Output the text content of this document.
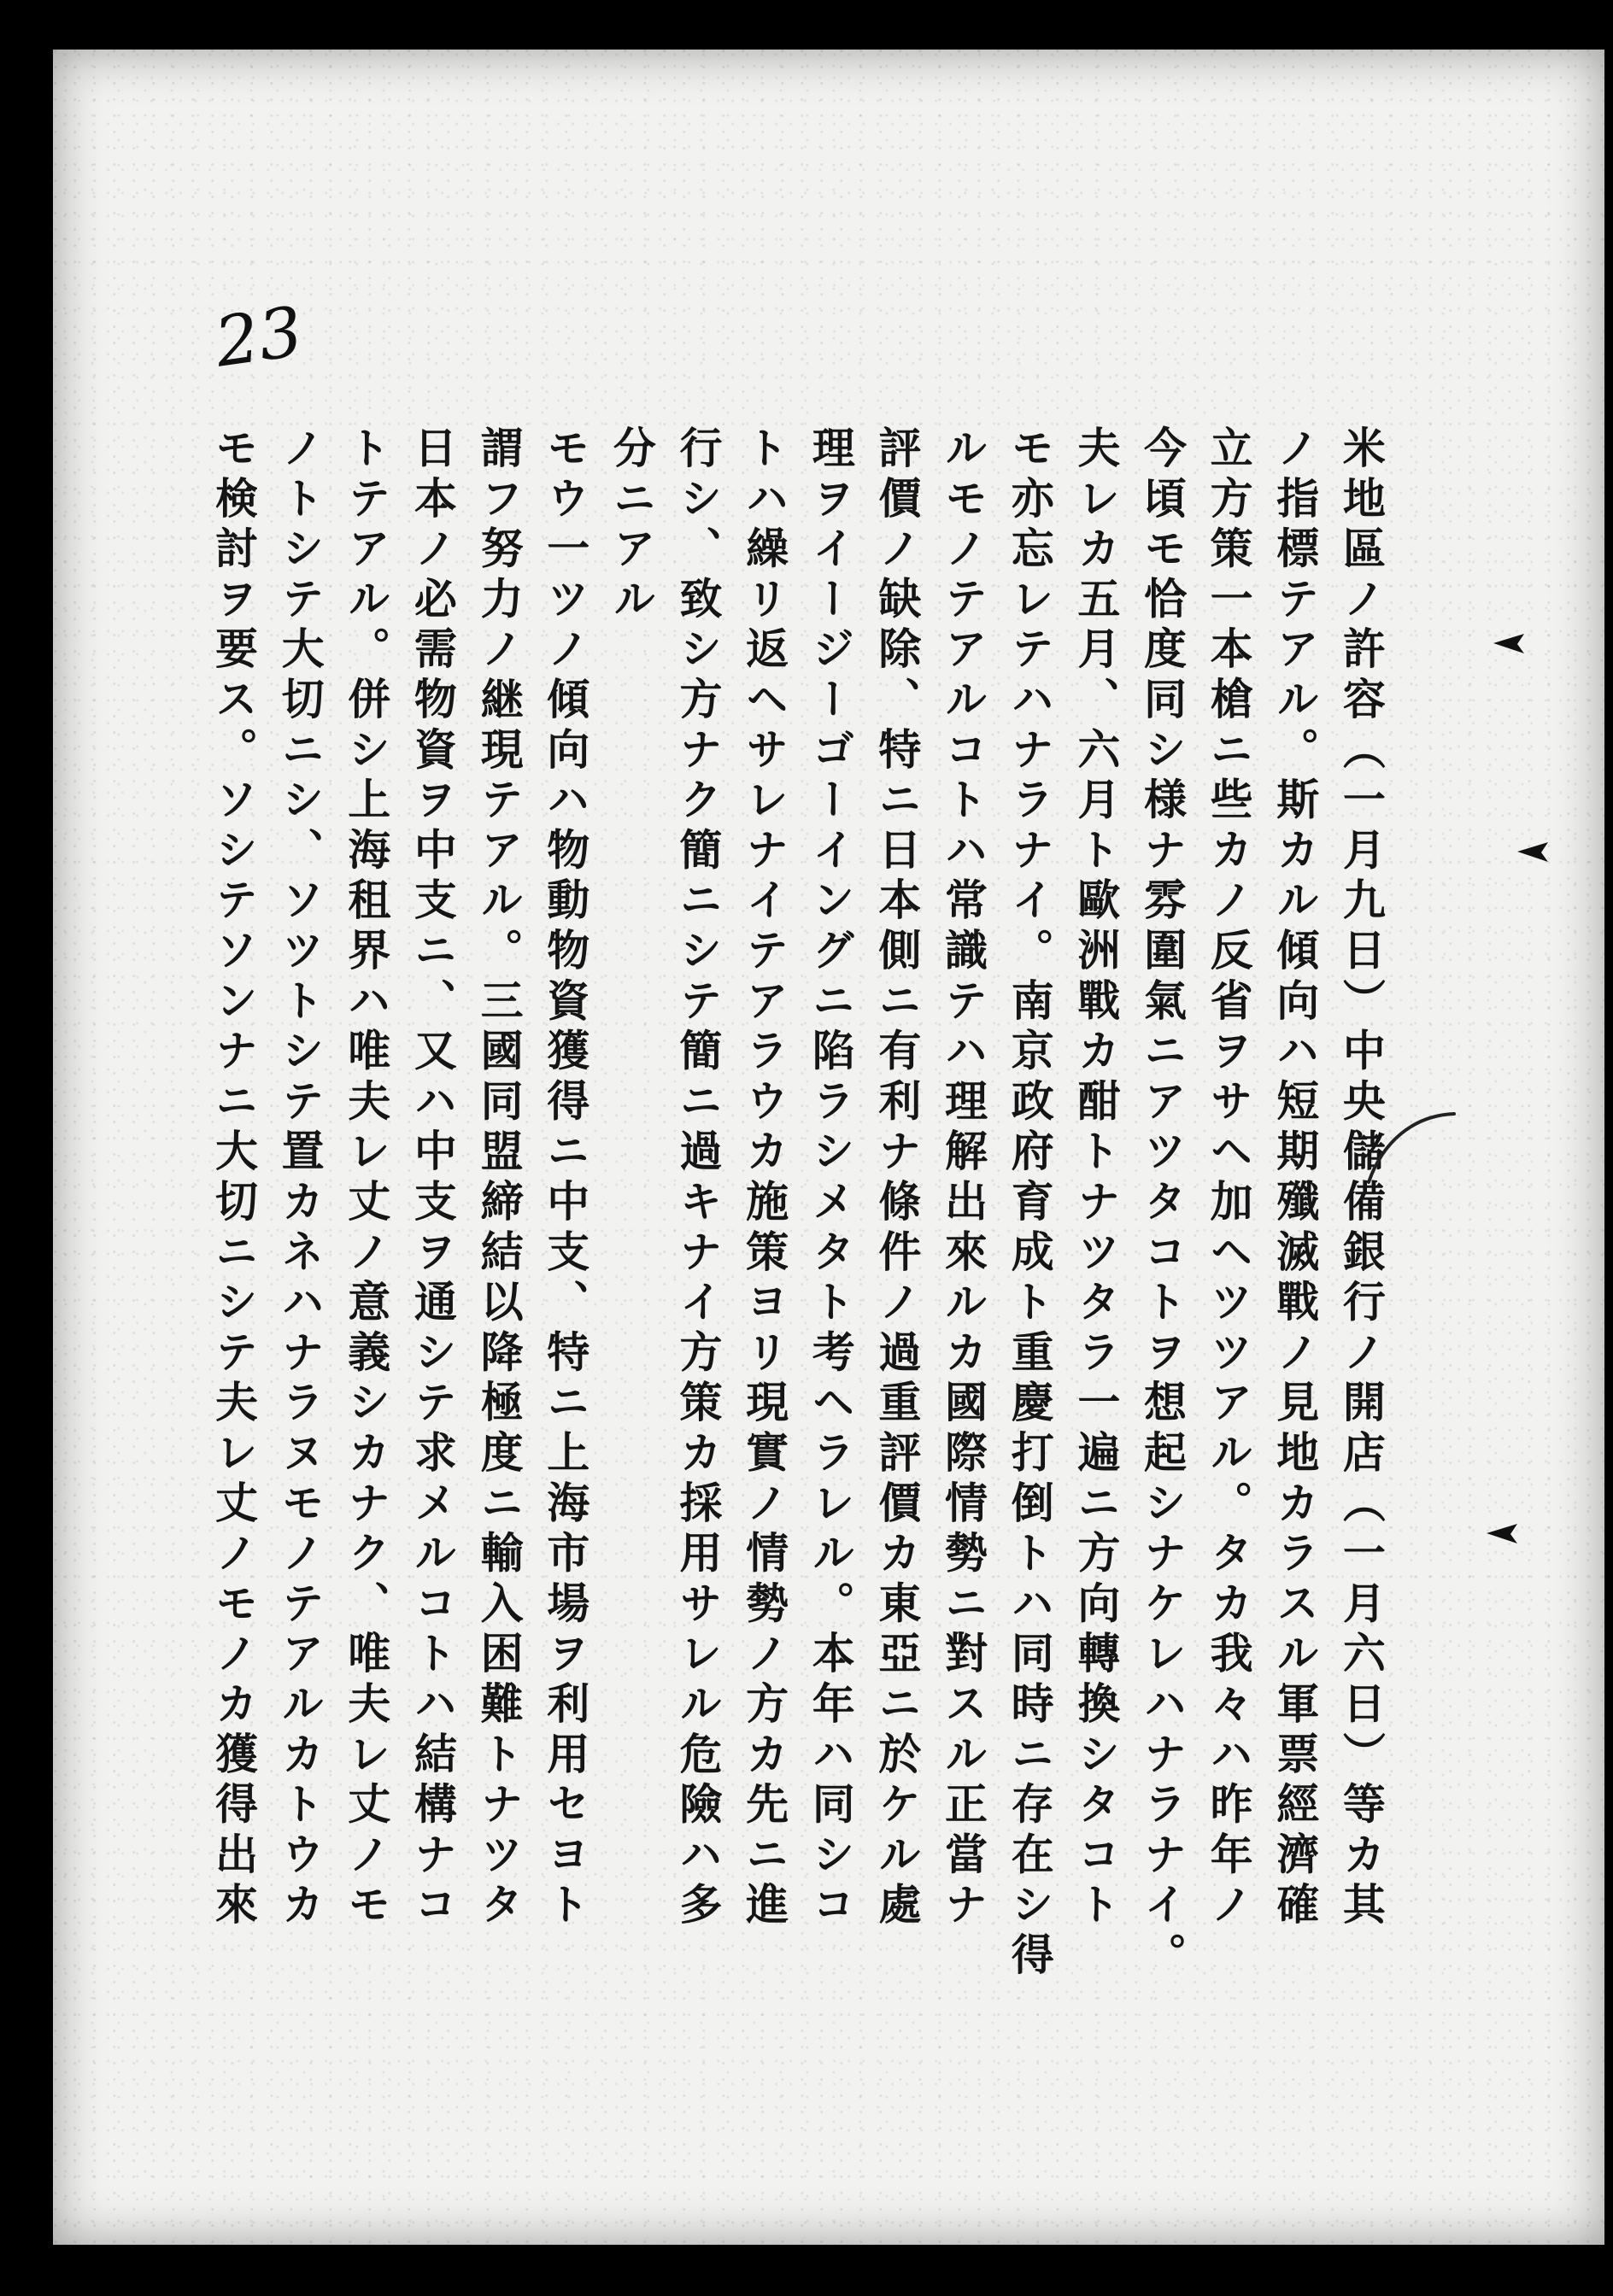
23
米地區ノ許容（一月九日）中央儲備銀行ノ開店（一月六日）等カ其
ノ指標テアル。斯カル傾向ハ短期殲滅戰ノ見地カラスル軍票經濟確
立方策一本槍ニ些カノ反省ヲサヘ加ヘツツアル。タカ我々ハ昨年ノ
今頃モ恰度同シ様ナ雰圍氣ニアツタコトヲ想起シナケレハナラナイ。
夫レカ五月、六月ト歐洲戰カ酣トナツタラ一遍ニ方向轉換シタコト
モ亦忘レテハナラナイ。南京政府育成ト重慶打倒トハ同時ニ存在シ得
ルモノテアルコトハ常識テハ理解出來ルカ國際情勢ニ對スル正當ナ
評價ノ缺除、特ニ日本側ニ有利ナ條件ノ過重評價カ東亞ニ於ケル處
理ヲイージーゴーイングニ陷ラシメタト考ヘラレル。本年ハ同シコ
トハ繰リ返ヘサレナイテアラウカ施策ヨリ現實ノ情勢ノ方カ先ニ進
行シ、致シ方ナク簡ニシテ簡ニ過キナイ方策カ採用サレル危險ハ多
分ニアル
モウ一ツノ傾向ハ物動物資獲得ニ中支、特ニ上海市場ヲ利用セヨト
謂フ努力ノ継現テアル。三國同盟締結以降極度ニ輸入困難トナツタ
日本ノ必需物資ヲ中支ニ、又ハ中支ヲ通シテ求メルコトハ結構ナコ
トテアル。併シ上海租界ハ唯夫レ丈ノ意義シカナク、唯夫レ丈ノモ
ノトシテ大切ニシ、ソツトシテ置カネハナラヌモノテアルカトウカ
モ検討ヲ要ス。ソシテソンナニ大切ニシテ夫レ丈ノモノカ獲得出來
